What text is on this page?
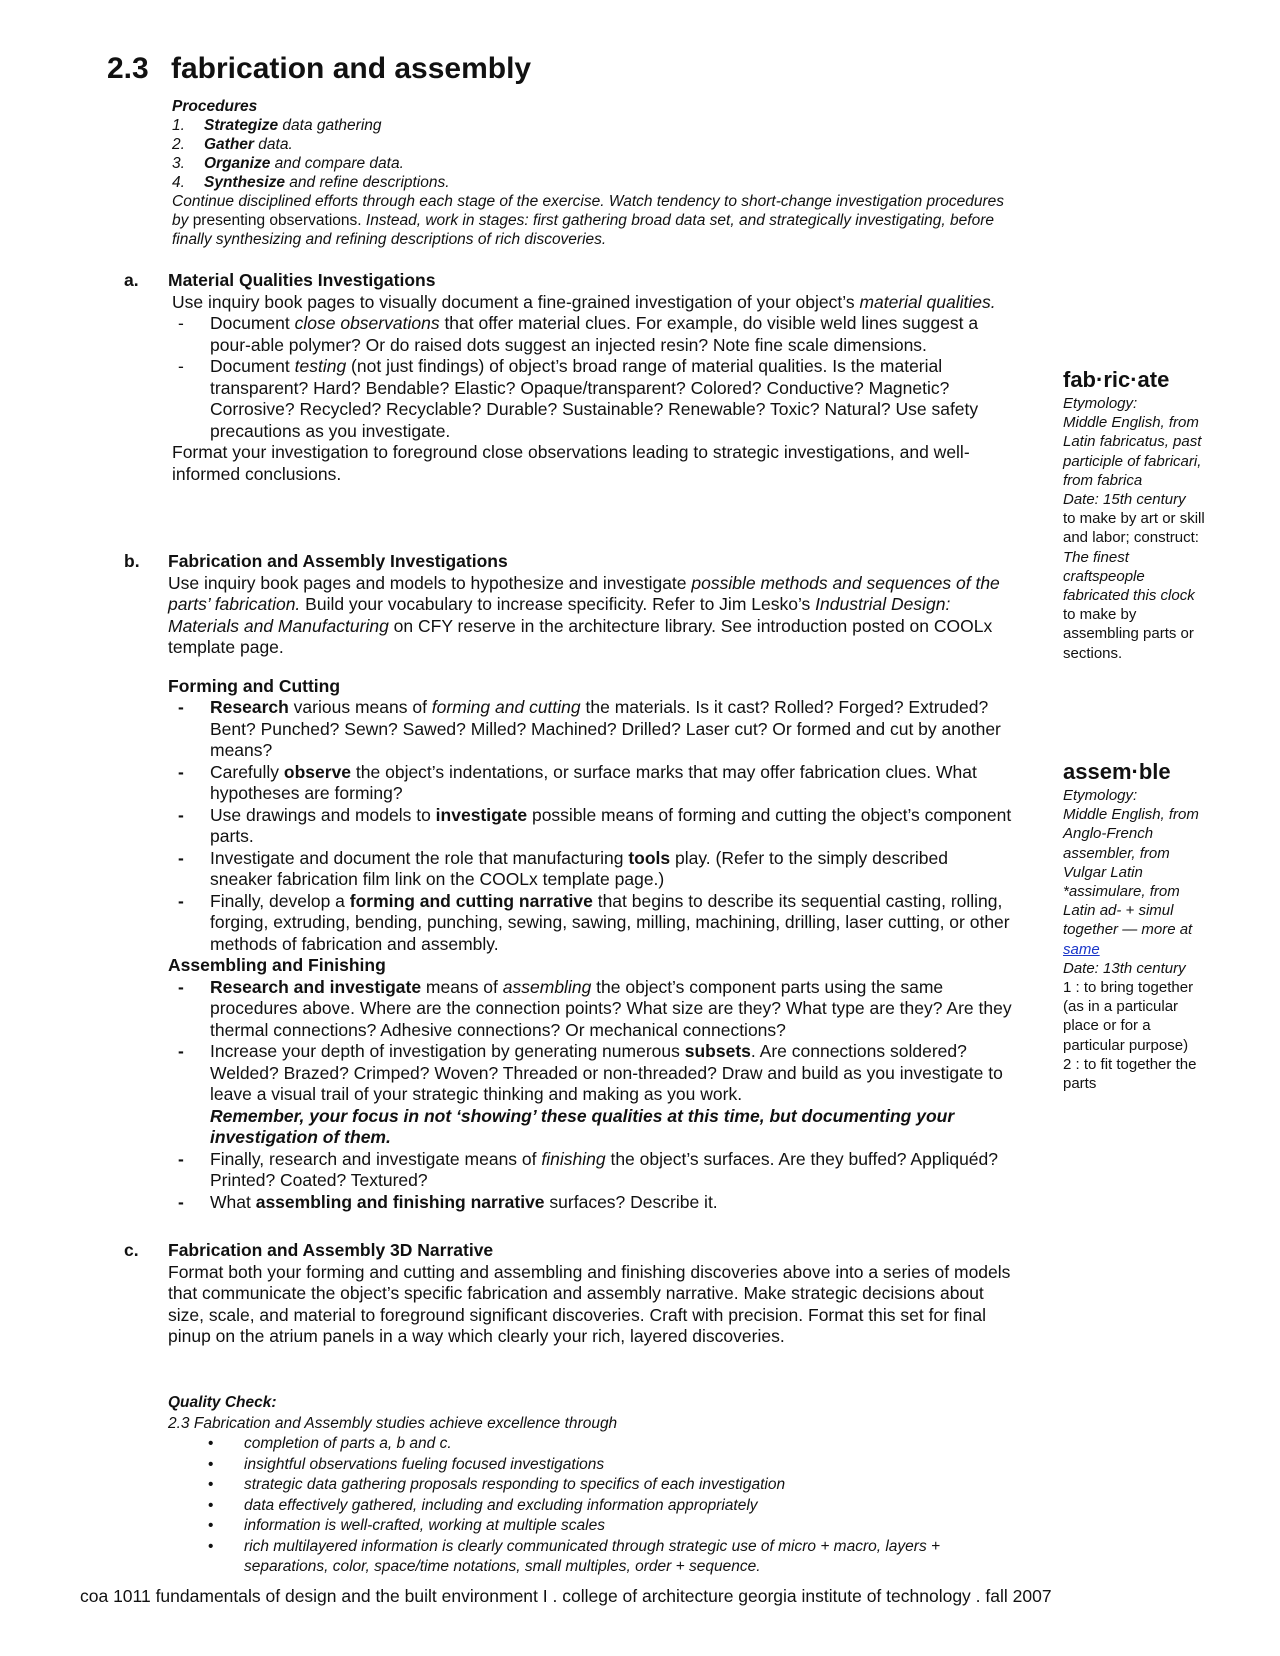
2.3 fabrication and assembly
Procedures
1. Strategize data gathering
2. Gather data.
3. Organize and compare data.
4. Synthesize and refine descriptions.
Continue disciplined efforts through each stage of the exercise. Watch tendency to short-change investigation procedures by presenting observations. Instead, work in stages: first gathering broad data set, and strategically investigating, before finally synthesizing and refining descriptions of rich discoveries.
a. Material Qualities Investigations
Use inquiry book pages to visually document a fine-grained investigation of your object’s material qualities.
- Document close observations that offer material clues. For example, do visible weld lines suggest a pour-able polymer? Or do raised dots suggest an injected resin? Note fine scale dimensions.
- Document testing (not just findings) of object’s broad range of material qualities. Is the material transparent? Hard? Bendable? Elastic? Opaque/transparent? Colored? Conductive? Magnetic? Corrosive? Recycled? Recyclable? Durable? Sustainable? Renewable? Toxic? Natural? Use safety precautions as you investigate.
Format your investigation to foreground close observations leading to strategic investigations, and well-informed conclusions.
b. Fabrication and Assembly Investigations
Use inquiry book pages and models to hypothesize and investigate possible methods and sequences of the parts’ fabrication. Build your vocabulary to increase specificity. Refer to Jim Lesko’s Industrial Design: Materials and Manufacturing on CFY reserve in the architecture library. See introduction posted on COOLx template page.
Forming and Cutting
- Research various means of forming and cutting the materials. Is it cast? Rolled? Forged? Extruded? Bent? Punched? Sewn? Sawed? Milled? Machined? Drilled? Laser cut? Or formed and cut by another means?
- Carefully observe the object’s indentations, or surface marks that may offer fabrication clues. What hypotheses are forming?
- Use drawings and models to investigate possible means of forming and cutting the object’s component parts.
- Investigate and document the role that manufacturing tools play. (Refer to the simply described sneaker fabrication film link on the COOLx template page.)
- Finally, develop a forming and cutting narrative that begins to describe its sequential casting, rolling, forging, extruding, bending, punching, sewing, sawing, milling, machining, drilling, laser cutting, or other methods of fabrication and assembly.
Assembling and Finishing
- Research and investigate means of assembling the object’s component parts using the same procedures above. Where are the connection points? What size are they? What type are they? Are they thermal connections? Adhesive connections? Or mechanical connections?
- Increase your depth of investigation by generating numerous subsets. Are connections soldered? Welded? Brazed? Crimped? Woven? Threaded or non-threaded? Draw and build as you investigate to leave a visual trail of your strategic thinking and making as you work.
Remember, your focus in not ‘showing’ these qualities at this time, but documenting your investigation of them.
- Finally, research and investigate means of finishing the object’s surfaces. Are they buffed? Appliquéd? Printed? Coated? Textured?
- What assembling and finishing narrative surfaces? Describe it.
c. Fabrication and Assembly 3D Narrative
Format both your forming and cutting and assembling and finishing discoveries above into a series of models that communicate the object’s specific fabrication and assembly narrative. Make strategic decisions about size, scale, and material to foreground significant discoveries. Craft with precision. Format this set for final pinup on the atrium panels in a way which clearly your rich, layered discoveries.
Quality Check:
2.3 Fabrication and Assembly studies achieve excellence through
• completion of parts a, b and c.
• insightful observations fueling focused investigations
• strategic data gathering proposals responding to specifics of each investigation
• data effectively gathered, including and excluding information appropriately
• information is well-crafted, working at multiple scales
• rich multilayered information is clearly communicated through strategic use of micro + macro, layers + separations, color, space/time notations, small multiples, order + sequence.
fab·ric·ate
Etymology:
Middle English, from Latin fabricatus, past participle of fabricari, from fabrica
Date: 15th century
to make by art or skill and labor; construct: The finest craftspeople fabricated this clock
to make by assembling parts or sections.
assem·ble
Etymology:
Middle English, from Anglo-French assembler, from Vulgar Latin *assimulare, from Latin ad- + simul together — more at same
Date: 13th century
1 : to bring together (as in a particular place or for a particular purpose)
2 : to fit together the parts
coa 1011 fundamentals of design and the built environment I . college of architecture georgia institute of technology . fall 2007
